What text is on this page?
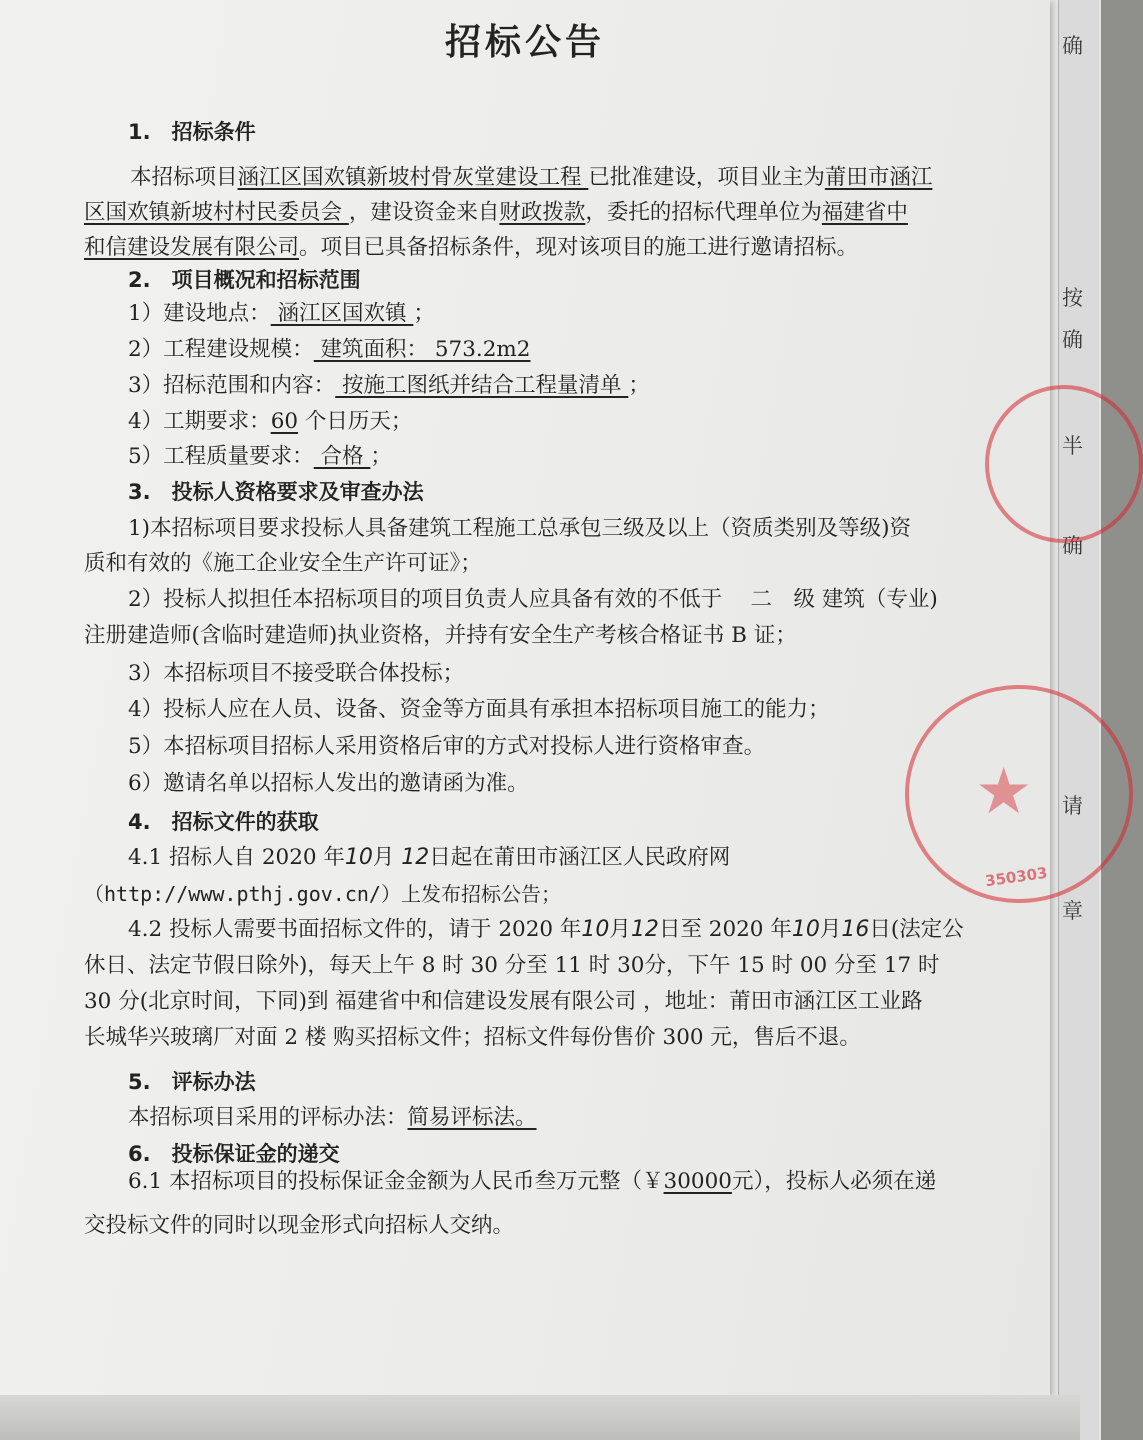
确
确
按
确
半
请
章
招标公告
1.　招标条件
本招标项目涵江区国欢镇新坡村骨灰堂建设工程 已批准建设，项目业主为莆田市涵江
区国欢镇新坡村村民委员会 ，建设资金来自财政拨款，委托的招标代理单位为福建省中
和信建设发展有限公司。项目已具备招标条件，现对该项目的施工进行邀请招标。
2.　项目概况和招标范围
1）建设地点： 涵江区国欢镇 ；
2）工程建设规模： 建筑面积： 573.2m2
3）招标范围和内容： 按施工图纸并结合工程量清单 ；
4）工期要求：60 个日历天；
5）工程质量要求： 合格 ；
3.　投标人资格要求及审查办法
1)本招标项目要求投标人具备建筑工程施工总承包三级及以上（资质类别及等级)资
质和有效的《施工企业安全生产许可证》；
2）投标人拟担任本招标项目的项目负责人应具备有效的不低于　 二　级 建筑（专业)
注册建造师(含临时建造师)执业资格，并持有安全生产考核合格证书 B 证；
3）本招标项目不接受联合体投标；
4）投标人应在人员、设备、资金等方面具有承担本招标项目施工的能力；
5）本招标项目招标人采用资格后审的方式对投标人进行资格审查。
6）邀请名单以招标人发出的邀请函为准。
4.　招标文件的获取
4.1 招标人自 2020 年10月 12日起在莆田市涵江区人民政府网
（http://www.pthj.gov.cn/）上发布招标公告；
4.2 投标人需要书面招标文件的，请于 2020 年10月12日至 2020 年10月16日(法定公
休日、法定节假日除外)，每天上午 8 时 30 分至 11 时 30分，下午 15 时 00 分至 17 时
30 分(北京时间，下同)到 福建省中和信建设发展有限公司 ，地址：莆田市涵江区工业路
长城华兴玻璃厂对面 2 楼 购买招标文件；招标文件每份售价 300 元，售后不退。
5.　评标办法
本招标项目采用的评标办法：简易评标法。
6.　投标保证金的递交
6.1 本招标项目的投标保证金金额为人民币叁万元整（￥30000元），投标人必须在递
交投标文件的同时以现金形式向招标人交纳。
★
350303
